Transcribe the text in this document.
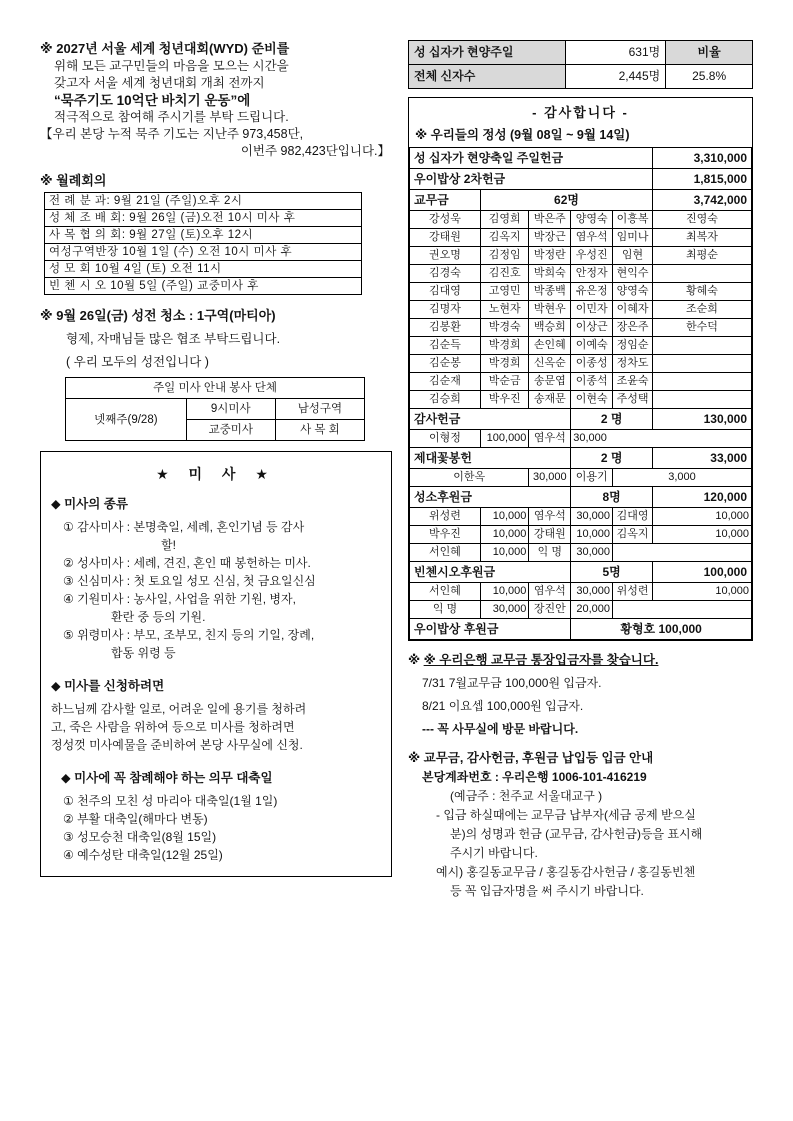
※ 2027년 서울 세계 청년대회(WYD) 준비를
위해 모든 교구민들의 마음을 모으는 시간을
갖고자 서울 세계 청년대회 개최 전까지
“묵주기도 10억단 바치기 운동”에
적극적으로 참여해 주시기를 부탁 드립니다.
【우리 본당 누적 묵주 기도는 지난주 973,458단,
이번주 982,423단입니다.】
※ 월례회의
전 례 분 과: 9월 21일 (주일)오후 2시
성 체 조 배 회: 9월 26일 (금)오전 10시 미사 후
사 목 협 의 회: 9월 27일 (토)오후 12시
여성구역반장 10월 1일 (수) 오전 10시 미사 후
성 모 회 10월 4일 (토) 오전 11시
빈 첸 시 오 10월 5일 (주일) 교중미사 후
※ 9월 26일(금) 성전 청소 : 1구역(마티아)
형제, 자매님들 많은 협조 부탁드립니다.
( 우리 모두의 성전입니다 )
주일 미사 안내 봉사 단체		
넷째주(9/28)	9시미사	남성구역
	교중미사	사 목 회
★ 미 사 ★
◆ 미사의 종류
① 감사미사 : 본명축일, 세례, 혼인기념 등 감사
할!
② 성사미사 : 세례, 견진, 혼인 때 봉헌하는 미사.
③ 신심미사 : 첫 토요일 성모 신심, 첫 금요일신심
④ 기원미사 : 농사일, 사업을 위한 기원, 병자,
환란 중 등의 기원.
⑤ 위령미사 : 부모, 조부모, 친지 등의 기일, 장례,
합동 위령 등
◆ 미사를 신청하려면
하느님께 감사할 일로, 어려운 일에 용기를 청하려
고, 죽은 사람을 위하여 등으로 미사를 청하려면
정성껏 미사예물을 준비하여 본당 사무실에 신청.
◆ 미사에 꼭 참례해야 하는 의무 대축일
① 천주의 모친 성 마리아 대축일(1월 1일)
② 부활 대축일(해마다 변동)
③ 성모승천 대축일(8월 15일)
④ 예수성탄 대축일(12월 25일)
성 십자가 현양주일	631명	비율
전체 신자수	2,445명	25.8%
- 감사합니다 -
※ 우리들의 정성 (9월 08일 ~ 9월 14일)
성 십자가 현양축일 주일헌금					3,310,000
우이밥상 2차헌금					1,815,000
교무금	62명				3,742,000
강성욱	김영희	박은주	양영숙	이흥복	진영숙
강태원	김옥지	박장근	염우석	임미나	최복자
권오명	김정임	박정란	우성진	임현	최평순
김경숙	김진호	박희숙	안정자	현익수	
김대영	고영민	박종백	유은정	양영숙	황혜숙
김명자	노현자	박현우	이민자	이혜자	조순희
김봉환	박경숙	백승희	이상근	장은주	한수덕
김순득	박경희	손인혜	이예숙	정임순	
김순봉	박경희	신옥순	이종성	정차도	
김순재	박순금	송문엽	이종석	조윤숙	
김승희	박우진	송재문	이현숙	주성택	
감사헌금			2 명		130,000
이형정	100,000	염우석	30,000		
제대꽃봉헌			2 명		33,000
이한옥		30,000	이용기	3,000	
성소후원금			8명		120,000
위성련	10,000	염우석	30,000	김대영	10,000
박우진	10,000	강태원	10,000	김옥지	10,000
서인혜	10,000	익 명	30,000		
빈첸시오후원금			5명		100,000
서인혜	10,000	염우석	30,000	위성련	10,000
익 명	30,000	장진안	20,000		
우이밥상 후원금			황형호 100,000		
※ ※ 우리은행 교무금 통장입금자를 찾습니다.
7/31 7월교무금 100,000원 입금자.
8/21 이요셉 100,000원 입금자.
--- 꼭 사무실에 방문 바랍니다.
※ 교무금, 감사헌금, 후원금 납입등 입금 안내
본당계좌번호 : 우리은행 1006-101-416219
(예금주 : 천주교 서울대교구 )
- 입금 하실때에는 교무금 납부자(세금 공제 받으실
분)의 성명과 헌금 (교무금, 감사헌금)등을 표시해
주시기 바랍니다.
예시) 홍길동교무금 / 홍길동감사헌금 / 홍길동빈첸
등 꼭 입금자명을 써 주시기 바랍니다.
